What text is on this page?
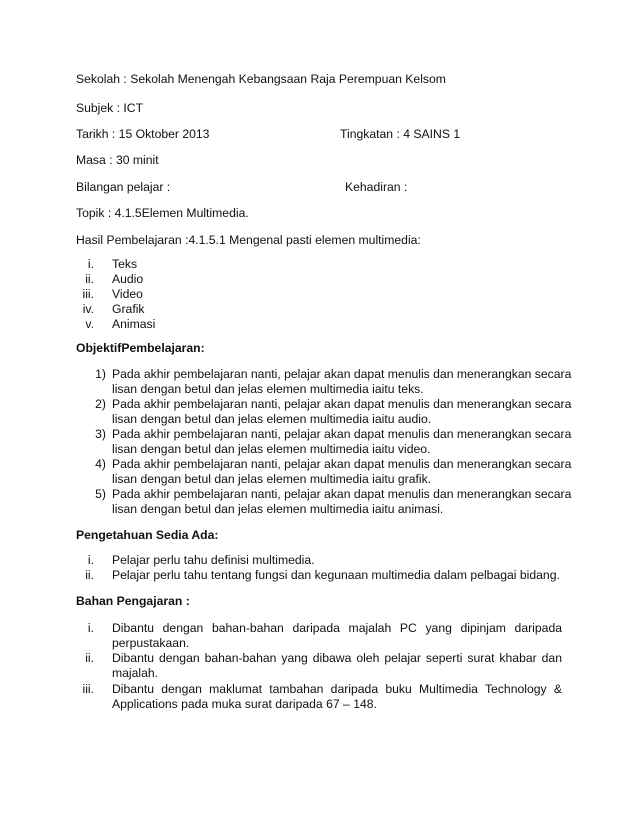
Sekolah : Sekolah Menengah Kebangsaan Raja Perempuan Kelsom
Subjek : ICT
Tarikh : 15 Oktober 2013	Tingkatan : 4 SAINS 1
Masa : 30 minit
Bilangan pelajar :	Kehadiran :
Topik : 4.1.5Elemen Multimedia.
Hasil Pembelajaran :4.1.5.1 Mengenal pasti elemen multimedia:
i. Teks
ii. Audio
iii. Video
iv. Grafik
v. Animasi
ObjektifPembelajaran:
1) Pada akhir pembelajaran nanti, pelajar akan dapat menulis dan menerangkan secara
lisan dengan betul dan jelas elemen multimedia iaitu teks.
2) Pada akhir pembelajaran nanti, pelajar akan dapat menulis dan menerangkan secara
lisan dengan betul dan jelas elemen multimedia iaitu audio.
3) Pada akhir pembelajaran nanti, pelajar akan dapat menulis dan menerangkan secara
lisan dengan betul dan jelas elemen multimedia iaitu video.
4) Pada akhir pembelajaran nanti, pelajar akan dapat menulis dan menerangkan secara
lisan dengan betul dan jelas elemen multimedia iaitu grafik.
5) Pada akhir pembelajaran nanti, pelajar akan dapat menulis dan menerangkan secara
lisan dengan betul dan jelas elemen multimedia iaitu animasi.
Pengetahuan Sedia Ada:
i. Pelajar perlu tahu definisi multimedia.
ii. Pelajar perlu tahu tentang fungsi dan kegunaan multimedia dalam pelbagai bidang.
Bahan Pengajaran :
i. Dibantu dengan bahan-bahan daripada majalah PC yang dipinjam daripada
perpustakaan.
ii. Dibantu dengan bahan-bahan yang dibawa oleh pelajar seperti surat khabar dan
majalah.
iii. Dibantu dengan maklumat tambahan daripada buku Multimedia Technology &
Applications pada muka surat daripada 67 – 148.
